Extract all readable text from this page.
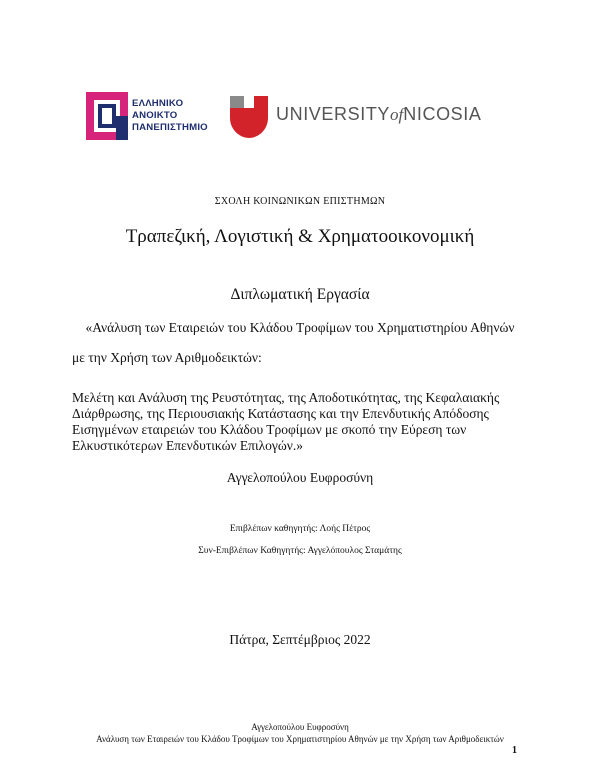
ΕΛΛΗΝΙΚΟ
ΑΝΟΙΚΤΟ
ΠΑΝΕΠΙΣΤΗΜΙΟ
UNIVERSITYofNICOSIA
ΣΧΟΛΗ ΚΟΙΝΩΝΙΚΩΝ ΕΠΙΣΤΗΜΩΝ
Τραπεζική, Λογιστική & Χρηματοοικονομική
Διπλωματική Εργασία
«Ανάλυση των Εταιρειών του Κλάδου Τροφίμων του Χρηματιστηρίου Αθηνών
με την Χρήση των Αριθμοδεικτών:
Μελέτη και Ανάλυση της Ρευστότητας, της Αποδοτικότητας, της Κεφαλαιακής Διάρθρωσης, της Περιουσιακής Κατάστασης και την Επενδυτικής Απόδοσης Εισηγμένων εταιρειών του Κλάδου Τροφίμων με σκοπό την Εύρεση των Ελκυστικότερων Επενδυτικών Επιλογών.»
Αγγελοπούλου Ευφροσύνη
Επιβλέπων καθηγητής: Λοής Πέτρος
Συν-Επιβλέπων Καθηγητής: Αγγελόπουλος Σταμάτης
Πάτρα, Σεπτέμβριος 2022
Αγγελοπούλου Ευφροσύνη
Ανάλυση των Εταιρειών του Κλάδου Τροφίμων του Χρηματιστηρίου Αθηνών με την Χρήση των Αριθμοδεικτών
1
